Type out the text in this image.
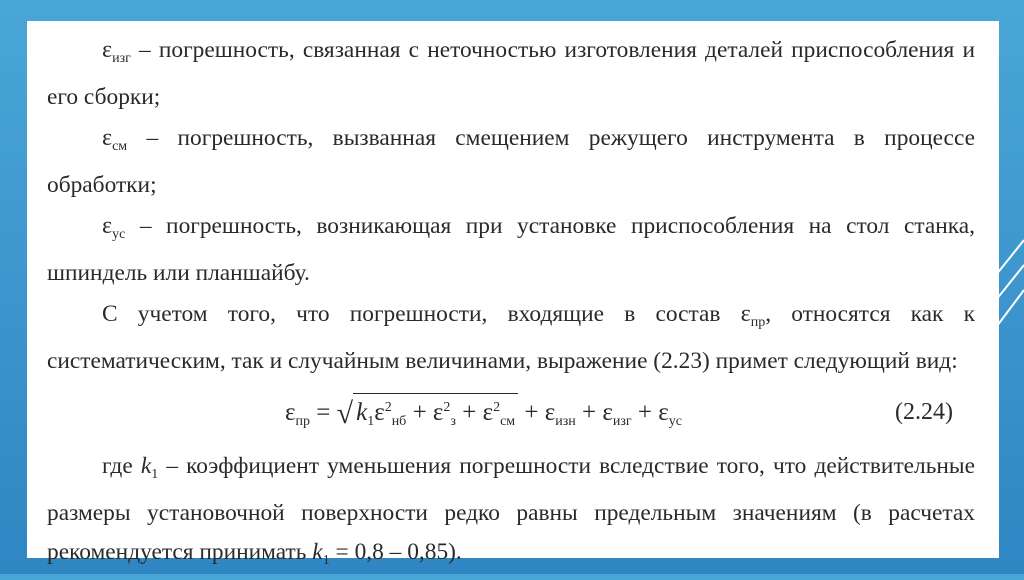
$\varepsilon_{изг}$ – погрешность, связанная с неточностью изготовления деталей приспособления и его сборки;

$\varepsilon_{см}$ – погрешность, вызванная смещением режущего инструмента в процессе обработки;

$\varepsilon_{ус}$ – погрешность, возникающая при установке приспособления на стол станка, шпиндель или планшайбу.

С учетом того, что погрешности, входящие в состав $\varepsilon_{пр}$, относятся как к систематическим, так и случайным величинами, выражение (2.23) примет следующий вид:

$\varepsilon_{пр}$ = √ $k_1\varepsilon^2_{нб} + \varepsilon^2_з + \varepsilon^2_{см} + \varepsilon_{изн} + \varepsilon_{изг} + \varepsilon_{ус}$	(2.24)

где $k_1$ – коэффициент уменьшения погрешности вследствие того, что действительные размеры установочной поверхности редко равны предельным значениям (в расчетах рекомендуется принимать $k_1 = 0,8 - 0,85$).
